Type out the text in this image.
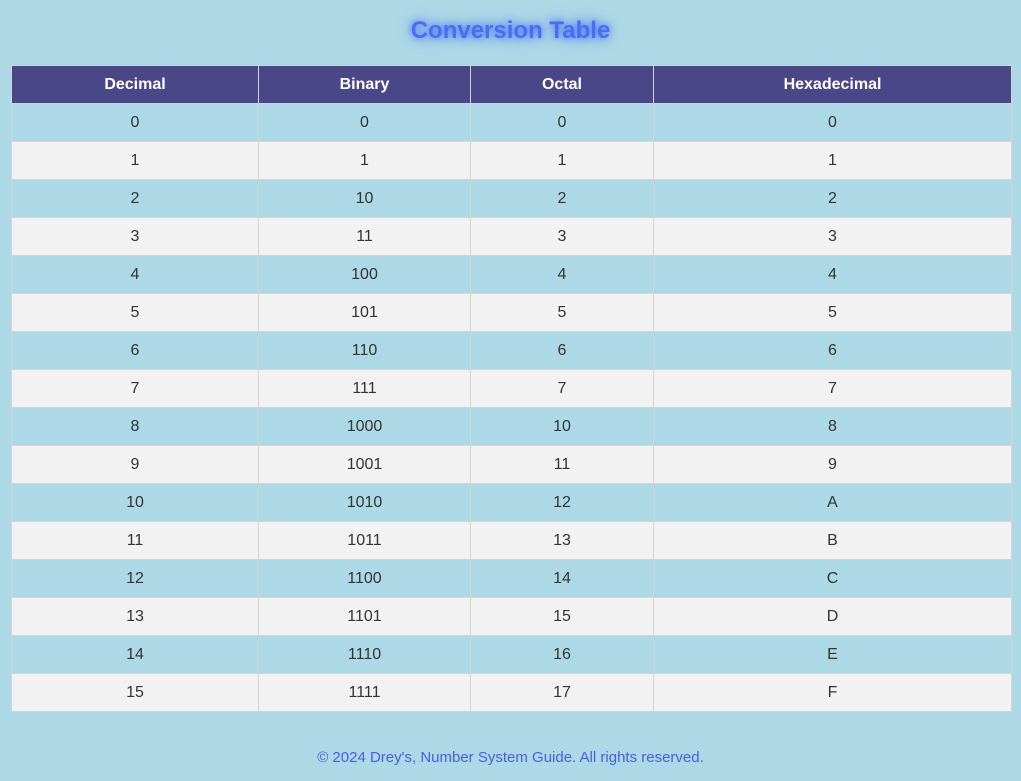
Conversion Table
Decimal	Binary	Octal	Hexadecimal
0	0	0	0
1	1	1	1
2	10	2	2
3	11	3	3
4	100	4	4
5	101	5	5
6	110	6	6
7	111	7	7
8	1000	10	8
9	1001	11	9
10	1010	12	A
11	1011	13	B
12	1100	14	C
13	1101	15	D
14	1110	16	E
15	1111	17	F
© 2024 Drey's, Number System Guide. All rights reserved.
